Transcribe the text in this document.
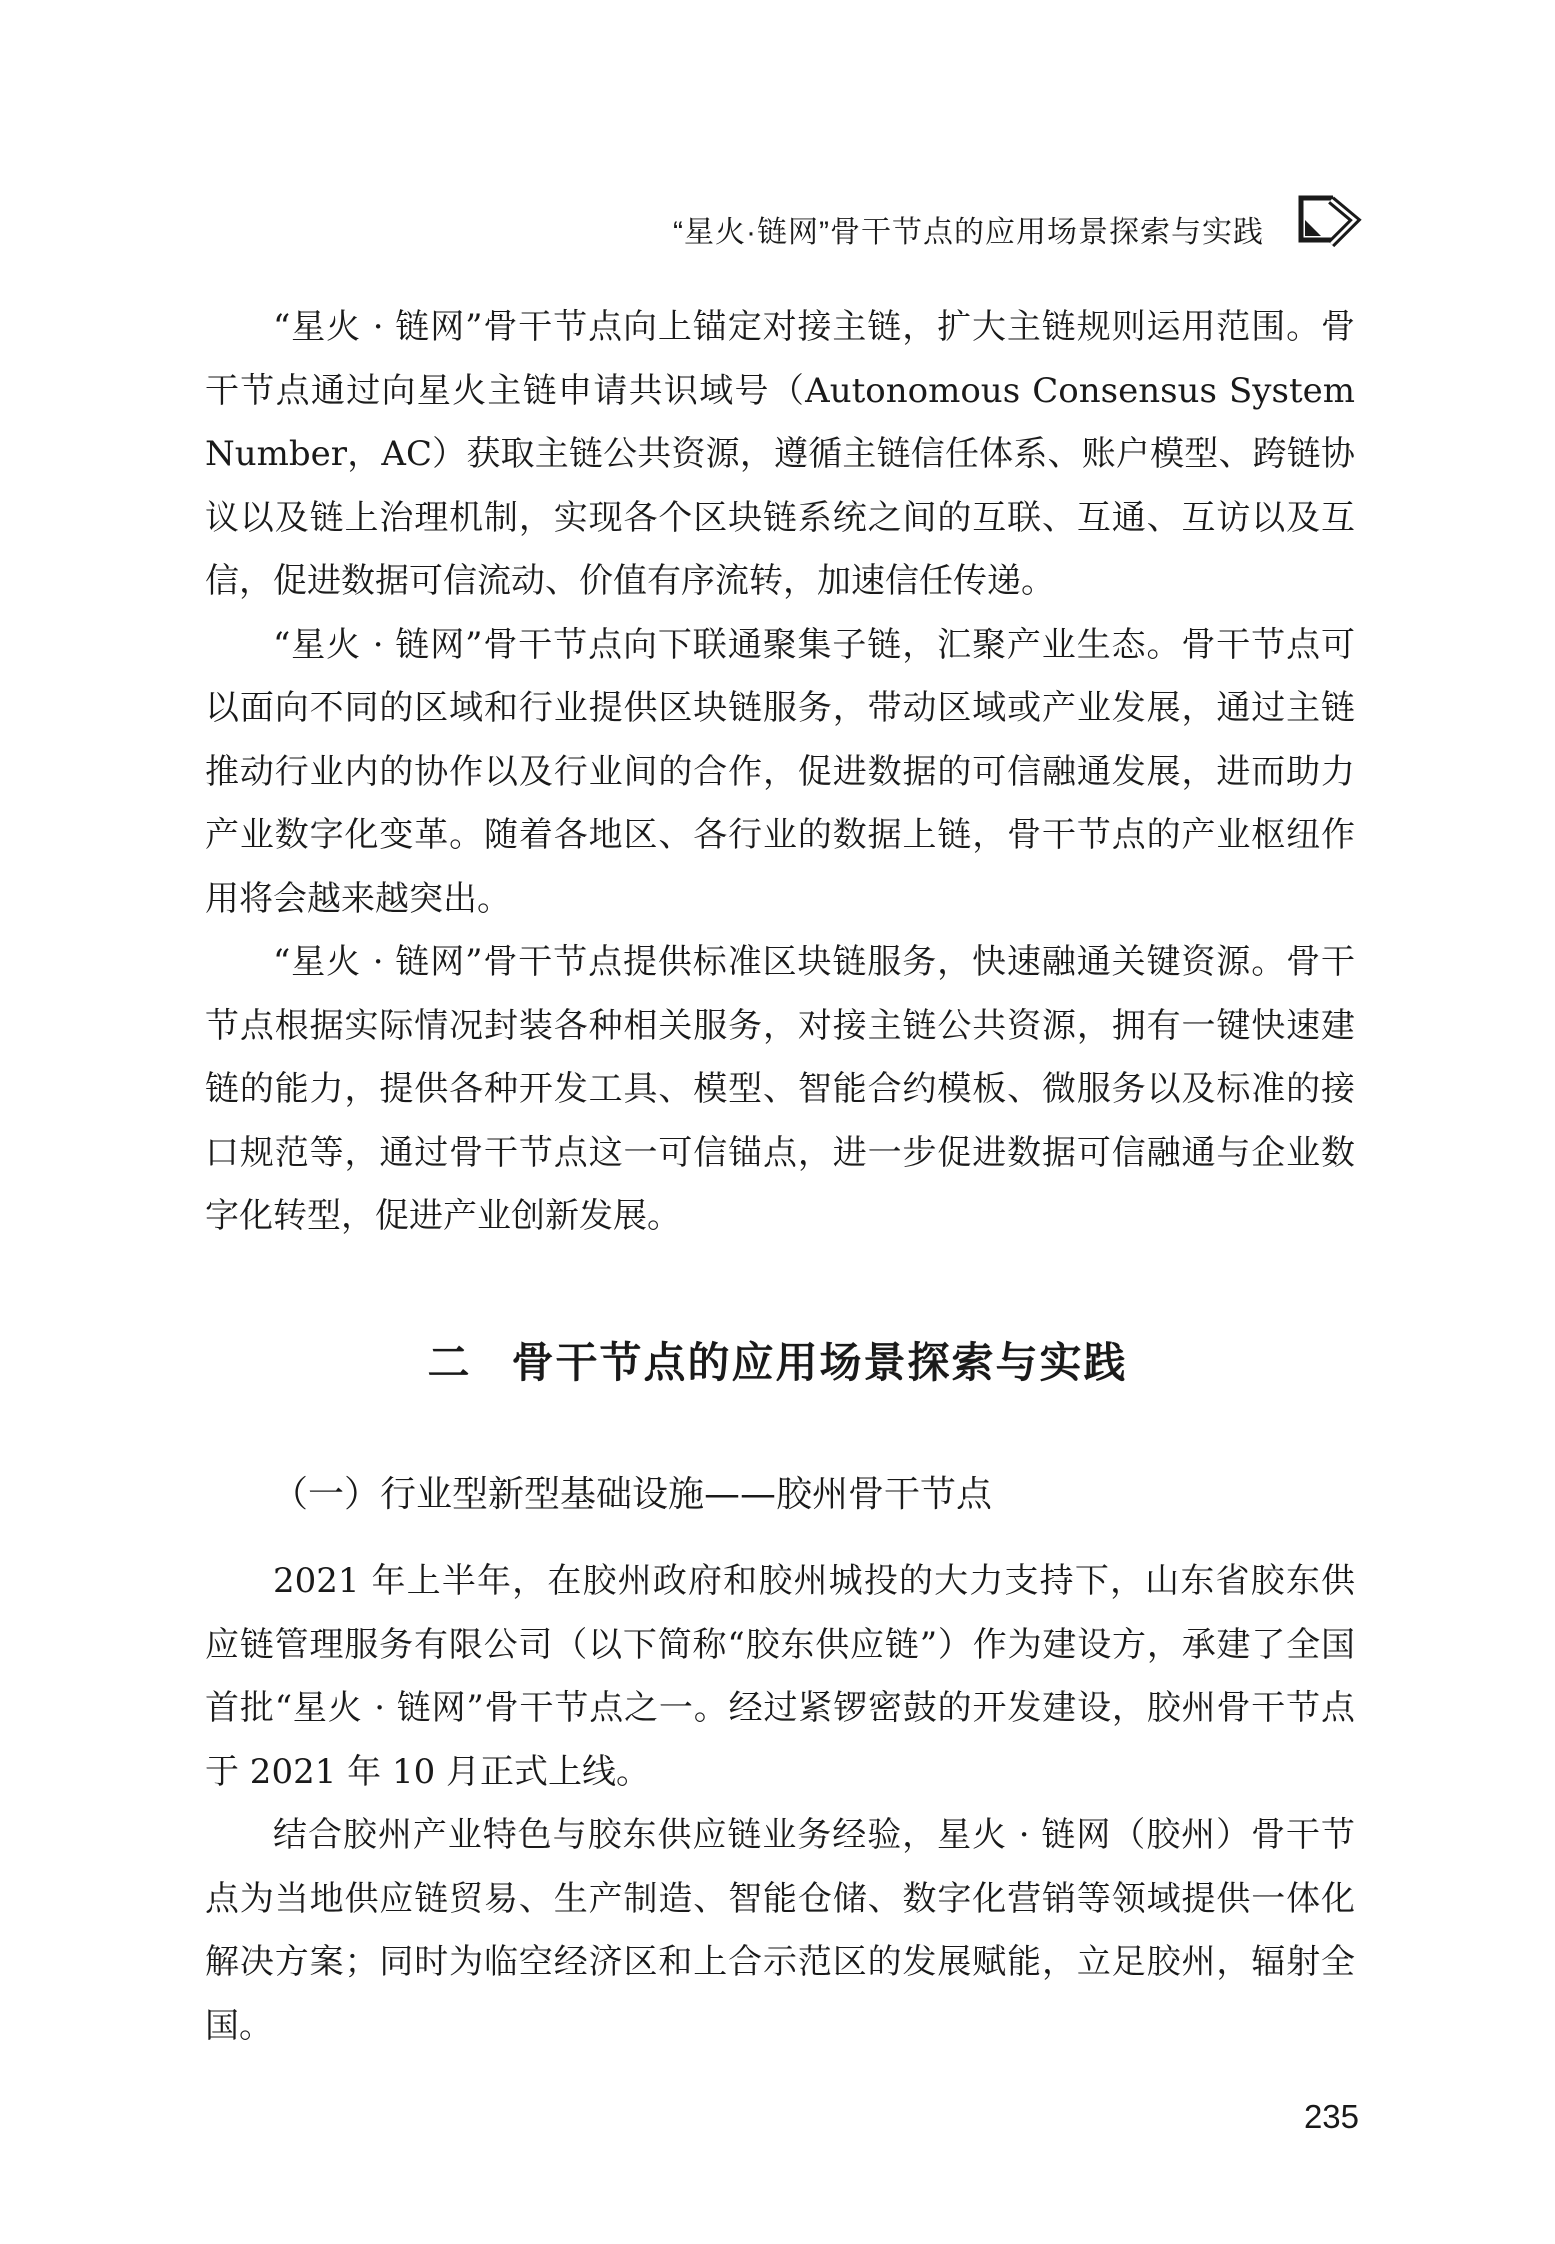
“星火·链网”骨干节点的应用场景探索与实践

“星火 · 链网”骨干节点向上锚定对接主链，扩大主链规则运用范围。骨干节点通过向星火主链申请共识域号（Autonomous Consensus System Number，AC）获取主链公共资源，遵循主链信任体系、账户模型、跨链协议以及链上治理机制，实现各个区块链系统之间的互联、互通、互访以及互信，促进数据可信流动、价值有序流转，加速信任传递。

“星火 · 链网”骨干节点向下联通聚集子链，汇聚产业生态。骨干节点可以面向不同的区域和行业提供区块链服务，带动区域或产业发展，通过主链推动行业内的协作以及行业间的合作，促进数据的可信融通发展，进而助力产业数字化变革。随着各地区、各行业的数据上链，骨干节点的产业枢纽作用将会越来越突出。

“星火 · 链网”骨干节点提供标准区块链服务，快速融通关键资源。骨干节点根据实际情况封装各种相关服务，对接主链公共资源，拥有一键快速建链的能力，提供各种开发工具、模型、智能合约模板、微服务以及标准的接口规范等，通过骨干节点这一可信锚点，进一步促进数据可信融通与企业数字化转型，促进产业创新发展。

二 骨干节点的应用场景探索与实践
（一）行业型新型基础设施——胶州骨干节点

2021 年上半年，在胶州政府和胶州城投的大力支持下，山东省胶东供应链管理服务有限公司（以下简称“胶东供应链”）作为建设方，承建了全国首批“星火 · 链网”骨干节点之一。经过紧锣密鼓的开发建设，胶州骨干节点于 2021 年 10 月正式上线。

结合胶州产业特色与胶东供应链业务经验，星火 · 链网（胶州）骨干节点为当地供应链贸易、生产制造、智能仓储、数字化营销等领域提供一体化解决方案；同时为临空经济区和上合示范区的发展赋能，立足胶州，辐射全国。

235
